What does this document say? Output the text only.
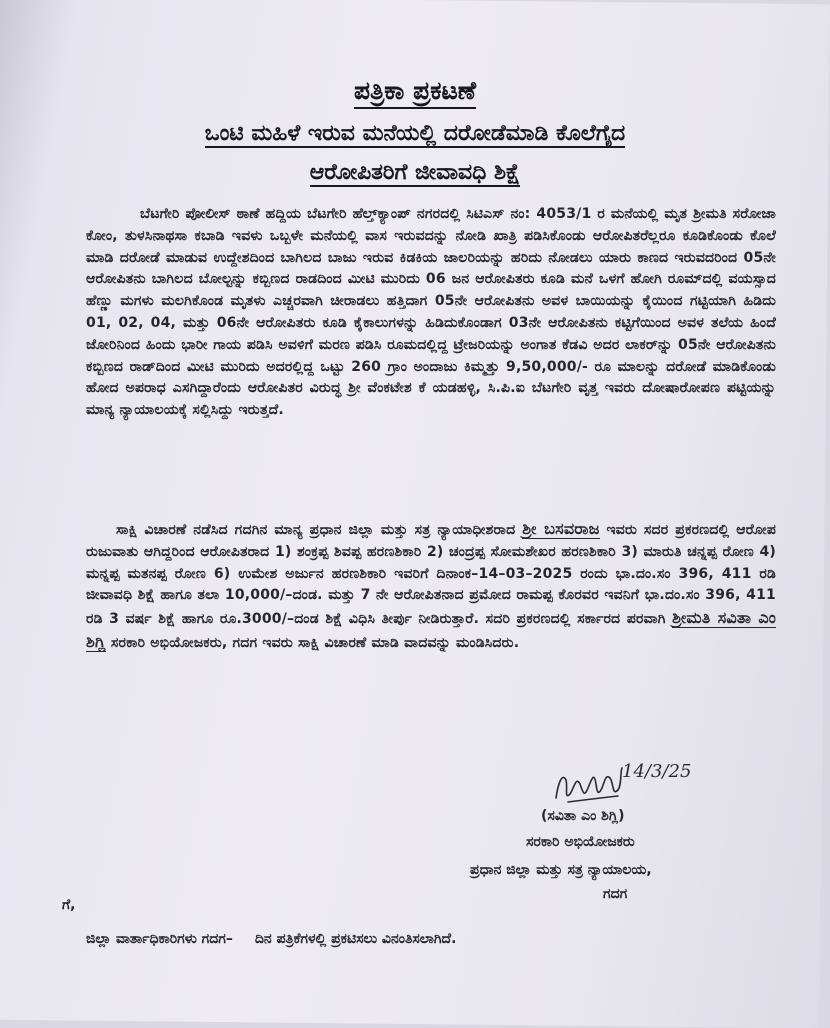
ಪತ್ರಿಕಾ ಪ್ರಕಟಣೆ
ಒಂಟಿ ಮಹಿಳೆ ಇರುವ ಮನೆಯಲ್ಲಿ ದರೋಡೆಮಾಡಿ ಕೊಲೆಗೈದ
ಆರೋಪಿತರಿಗೆ ಜೀವಾವಧಿ ಶಿಕ್ಷೆ
ಬೆಟಗೇರಿ ಪೋಲೀಸ್ ಠಾಣೆ ಹದ್ದಿಯ ಬೆಟಗೇರಿ ಹೆಲ್ತ್‌ಕ್ಯಾಂಪ್ ನಗರದಲ್ಲಿ ಸಿಟಿಎಸ್ ನಂ: 4053/1 ರ ಮನೆಯಲ್ಲಿ ಮೃತ ಶ್ರೀಮತಿ ಸರೋಜಾ ಕೋಂ, ತುಳಸಿನಾಥಸಾ ಕಬಾಡಿ ಇವಳು ಒಬ್ಬಳೇ ಮನೆಯಲ್ಲಿ ವಾಸ ಇರುವದನ್ನು ನೋಡಿ ಖಾತ್ರಿ ಪಡಿಸಿಕೊಂಡು ಆರೋಪಿತರೆಲ್ಲರೂ ಕೂಡಿಕೊಂಡು ಕೊಲೆ ಮಾಡಿ ದರೋಡೆ ಮಾಡುವ ಉದ್ದೇಶದಿಂದ ಬಾಗಿಲದ ಬಾಜು ಇರುವ ಕಿಡಕಿಯ ಜಾಲರಿಯನ್ನು ಹರಿದು ನೋಡಲು ಯಾರು ಕಾಣದ ಇರುವದರಿಂದ 05ನೇ ಆರೋಪಿತನು ಬಾಗಿಲದ ಬೋಲ್ಟನ್ನು ಕಬ್ಬಿಣದ ರಾಡದಿಂದ ಮೀಟಿ ಮುರಿದು 06 ಜನ ಆರೋಪಿತರು ಕೂಡಿ ಮನೆ ಒಳಗೆ ಹೋಗಿ ರೂಮ್‌ದಲ್ಲಿ ವಯಸ್ಸಾದ ಹೆಣ್ಣು ಮಗಳು ಮಲಗಿಕೊಂಡ ಮೃತಳು ಎಚ್ಚರವಾಗಿ ಚೀರಾಡಲು ಹತ್ತಿದಾಗ 05ನೇ ಆರೋಪಿತನು ಅವಳ ಬಾಯಿಯನ್ನು ಕೈಯಿಂದ ಗಟ್ಟಿಯಾಗಿ ಹಿಡಿದು 01, 02, 04, ಮತ್ತು 06ನೇ ಆರೋಪಿತರು ಕೂಡಿ ಕೈಕಾಲುಗಳನ್ನು ಹಿಡಿದುಕೊಂಡಾಗ 03ನೇ ಆರೋಪಿತನು ಕಟ್ಟಿಗೆಯಿಂದ ಅವಳ ತಲೆಯ ಹಿಂದೆ ಜೋರಿನಿಂದ ಹಿಂದು ಭಾರೀ ಗಾಯ ಪಡಿಸಿ ಅವಳಿಗೆ ಮರಣ ಪಡಿಸಿ ರೂಮದಲ್ಲಿದ್ದ ಟ್ರೇಜರಿಯನ್ನು ಅಂಗಾತ ಕೆಡವಿ ಅದರ ಲಾಕರ್‌ನ್ನು 05ನೇ ಆರೋಪಿತನು ಕಬ್ಬಿಣದ ರಾಡ್‌ದಿಂದ ಮೀಟಿ ಮುರಿದು ಅದರಲ್ಲಿದ್ದ ಒಟ್ಟು 260 ಗ್ರಾಂ ಅಂದಾಜು ಕಿಮ್ಮತ್ತು 9,50,000/- ರೂ ಮಾಲನ್ನು ದರೋಡೆ ಮಾಡಿಕೊಂಡು ಹೋದ ಅಪರಾಧ ಎಸಗಿದ್ದಾರೆಂದು ಆರೋಪಿತರ ವಿರುದ್ಧ ಶ್ರೀ ವೆಂಕಟೇಶ ಕೆ ಯಡಹಳ್ಳಿ, ಸಿ.ಪಿ.ಐ ಬೆಟಗೇರಿ ವೃತ್ತ ಇವರು ದೋಷಾರೋಪಣ ಪಟ್ಟಿಯನ್ನು ಮಾನ್ಯ ನ್ಯಾಯಾಲಯಕ್ಕೆ ಸಲ್ಲಿಸಿದ್ದು ಇರುತ್ತದೆ.
ಸಾಕ್ಷಿ ವಿಚಾರಣೆ ನಡೆಸಿದ ಗದಗಿನ ಮಾನ್ಯ ಪ್ರಧಾನ ಜಿಲ್ಲಾ ಮತ್ತು ಸತ್ರ ನ್ಯಾಯಾಧೀಶರಾದ ಶ್ರೀ ಬಸವರಾಜ ಇವರು ಸದರ ಪ್ರಕರಣದಲ್ಲಿ ಆರೋಪ ರುಜುವಾತು ಆಗಿದ್ದರಿಂದ ಆರೋಪಿತರಾದ 1) ಶಂಕ್ರಪ್ಪ ಶಿವಪ್ಪ ಹರಣಶಿಕಾರಿ 2) ಚಂದ್ರಪ್ಪ ಸೋಮಶೇಖರ ಹರಣಶಿಕಾರಿ 3) ಮಾರುತಿ ಚನ್ನಪ್ಪ ರೋಣ 4) ಮನ್ನಪ್ಪ ಮತನಪ್ಪ ರೋಣ 6) ಉಮೇಶ ಅರ್ಜುನ ಹರಣಶಿಕಾರಿ ಇವರಿಗೆ ದಿನಾಂಕ–14–03–2025 ರಂದು ಭಾ.ದಂ.ಸಂ 396, 411 ರಡಿ ಜೀವಾವಧಿ ಶಿಕ್ಷೆ ಹಾಗೂ ತಲಾ 10,000/–ದಂಡ. ಮತ್ತು 7 ನೇ ಆರೋಪಿತನಾದ ಪ್ರಮೋದ ರಾಮಪ್ಪ ಕೊರವರ ಇವನಿಗೆ ಭಾ.ದಂ.ಸಂ 396, 411 ರಡಿ 3 ವರ್ಷ ಶಿಕ್ಷೆ ಹಾಗೂ ರೂ.3000/–ದಂಡ ಶಿಕ್ಷೆ ವಿಧಿಸಿ ತೀರ್ಪು ನೀಡಿರುತ್ತಾರೆ. ಸದರಿ ಪ್ರಕರಣದಲ್ಲಿ ಸರ್ಕಾರದ ಪರವಾಗಿ ಶ್ರೀಮತಿ ಸವಿತಾ ಎಂ ಶಿಗ್ಲಿ ಸರಕಾರಿ ಅಭಿಯೋಜಕರು, ಗದಗ ಇವರು ಸಾಕ್ಷಿ ವಿಚಾರಣೆ ಮಾಡಿ ವಾದವನ್ನು ಮಂಡಿಸಿದರು.
14/3/25
(ಸವಿತಾ ಎಂ ಶಿಗ್ಲಿ)
ಸರಕಾರಿ ಅಭಿಯೋಜಕರು
ಪ್ರಧಾನ ಜಿಲ್ಲಾ ಮತ್ತು ಸತ್ರ ನ್ಯಾಯಾಲಯ,
ಗದಗ
ಗೆ,
ಜಿಲ್ಲಾ ವಾರ್ತಾಧಿಕಾರಿಗಳು ಗದಗ– ದಿನ ಪತ್ರಿಕೆಗಳಲ್ಲಿ ಪ್ರಕಟಿಸಲು ವಿನಂತಿಸಲಾಗಿದೆ.
